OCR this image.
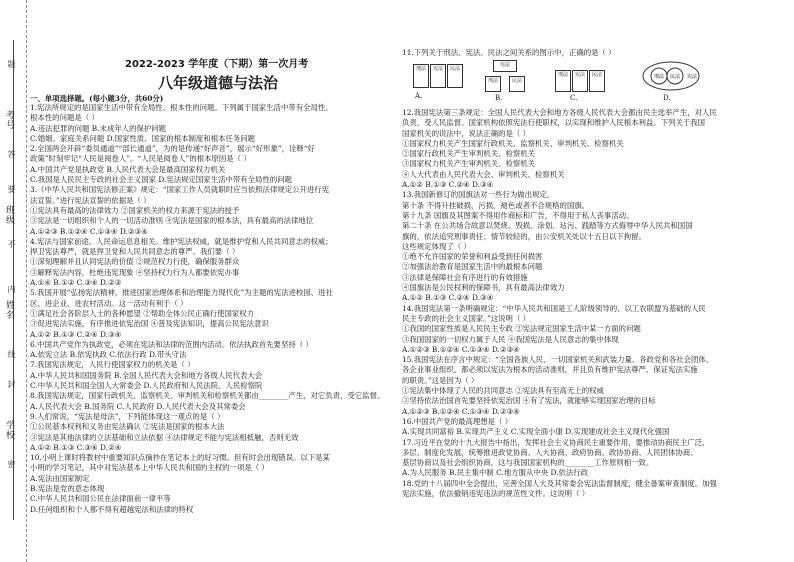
考号
班级
姓名
学校
题
答
要
不
内
线
封
密
2022-2023 学年度（下期）第一次月考
八年级道德与法治
一、单项选择题。(每小题3分，共60分)
1.宪法所规定的是国家生活中带有全局性、根本性的问题。下列属于国家生活中带有全局性、
根本性的问题是（ ）
A.违法犯罪的问题 B.未成年人的保护问题
C.婚姻、家庭关系问题 D.国家性质、国家的根本制度和根本任务问题
2.全国两会开辟“委员通道”“部长通道”，为的是传递“好声音”，展示“好形象”，诠释“好
政策”时刻牢记“人民是阅卷人”。“人民是阅卷人”的根本原因是（ ）
A.中国共产党是执政党 B.人民代表大会是最高国家权力机关
C.我国是人民民主专政的社会主义国家 D.宪法规定国家生活中带有全局性的问题
3.《中华人民共和国宪法修正案》规定：“国家工作人员就职时应当依照法律规定公开进行宪
法宣誓。”进行宪法宣誓的依据是（ ）
①宪法具有最高的法律效力 ②国家机关的权力来源于宪法的授予
③宪法是一切组织和个人的一切活动准则 ④宪法是国家的根本法，具有最高的法律地位
A.①②③ B.①②④ C.①③④ D.②③④
4.宪法与国家前途、人民命运息息相关。维护宪法权威，就是维护党和人民共同意志的权威；
捍卫宪法尊严，就是捍卫党和人民共同意志的尊严。我们要（ ）
①深刻理解并且认同宪法的价值 ②规范权力行使，确保服务群众
③解释宪法内容，杜绝违宪现象 ④坚持权力行为人都要依宪办事
A.①④ B.①② C.③④ D.②③
5.我国开展“弘扬宪法精神，推进国家治理体系和治理能力现代化”为主题的宪法进校园、进社
区、进企业、进农村活动。这一活动有利于（ ）
①满足社会各阶层人士的各种愿望 ②帮助全体公民正确行使国家权力
③促进宪法实施，有序推进依宪治国 ④普及宪法知识，提高公民宪法意识
A.①② B.①③ C.②④ D.③④
6.中国共产党作为执政党，必须在宪法和法律的范围内活动。依法执政首先要坚持（ ）
A.依宪立法 B.依宪执政 C.依法行政 D.带头守法
7.我国宪法规定，人民行使国家权力的机关是（ ）
A.中华人民共和国国务院 B.全国人民代表大会和地方各级人民代表大会
C.中华人民共和国全国人大常委会 D.人民政府和人民法院、人民检察院
8.我国宪法规定，国家行政机关、监察机关、审判机关和检察机关都由________产生，对它负责，受它监督。
A.人民代表大会 B.国务院 C.人民政府 D.人民代表大会及其常委会
9.人们常说，“宪法是母法”，下列能体现这一观点的是（ ）
①公民基本权利和义务由宪法确认 ②宪法是国家的根本大法
③宪法是其他法律的立法基础和立法依据 ④法律规定不能与宪法相抵触，否则无效
A.①② B.①③ C.③④ D.②④
10.小明上课时将教材中重要知识点摘抄在笔记本上的好习惯。但有时会出现错误。以下是某
小明的学习笔记，其中对宪法基本上中华人民共和国的主权的一项是（ ）
A.宪法由国家制定
B.宪法是党的意志体现
C.中华人民共和国公民在法律面前一律平等
D.任何组织和个人都不得有超越宪法和法律的特权
11.下列关于刑法、宪法、民法之间关系的图示中，正确的是（ ）
刑法	宪法	民法
A.
宪法
刑法	民法
B.
刑法	宪法	民法
C.
刑法 民法 宪法
D.
12.我国宪法第三条规定：全国人民代表大会和地方各级人民代表大会都由民主选举产生，对人民
负责，受人民监督。国家机构依照宪法行使职权，以实现和维护人民根本利益。下列关于我国
国家机关的说法中，说法正确的是（ ）
①国家权力机关产生国家行政机关、监察机关、审判机关、检察机关
②国家行政机关产生审判机关、检察机关
③国家权力机关产生审判机关、检察机关
④人大代表由人民代表大会、审判机关、检察机关
A.①② B.①③ C.②④ D.③④
13.我国新修订的国旗法对一些行为做出规定。
第十条 不得升挂破损、污损、褪色或者不合规格的国旗。
第十九条 国旗及其图案不得用作商标和广告，不得用于私人丧事活动。
第二十条 在公共场合故意以焚烧、毁损、涂划、玷污、践踏等方式侮辱中华人民共和国国
旗的，依法追究刑事责任；情节较轻的，由公安机关处以十五日以下拘留。
这些规定体现了（ ）
①绝不允许国家的荣誉和利益受到任何损害
②加强法治教育是国家生活中的最根本问题
③法律是保障社会有序进行的有效措施
④国旗法是公民权利的保障书，具有最高法律效力
A.①② B.①③ C.②④ D.③④
14.我国宪法第一条明确规定：“中华人民共和国是工人阶级领导的、以工农联盟为基础的人民
民主专政的社会主义国家。”这说明（ ）
①我国的国家性质是人民民主专政 ②宪法规定国家生活中某一方面的问题
③我国国家的一切权力属于人民 ④我国宪法是人民意志的集中体现
A.①②③ B.①②④ C.①③④ D.②③④
15.我国宪法在序言中规定：“全国各族人民、一切国家机关和武装力量、各政党和各社会团体、
各企业事业组织，都必须以宪法为根本的活动准则，并且负有维护宪法尊严、保证宪法实施
的职责。”这是因为（ ）
①宪法集中体现了人民的共同意志 ②宪法具有至高无上的权威
③坚持依法治国首先要坚持依宪治国 ④有了宪法，就能够实现国家治理的目标
A.①②③ B.①②④ C.①③④ D.②③④
16.中国共产党的最高理想是（ ）
A.实现共同富裕 B.实现共产主义 C.实现全面小康 D.实现建成社会主义现代化强国
17.习近平在党的十九大报告中指出，发挥社会主义协商民主重要作用，要推动协商民主广泛、
多层、制度化发展，统筹推进政党协商、人大协商、政府协商、政协协商、人民团体协商、
基层协商以及社会组织协商。这与我国国家机构的________工作原则相一致。
A.为人民服务 B.民主集中制 C.地方服从中央 D.依法行政
18.党的十八届四中全会提出，完善全国人大及其常委会宪法监督制度，健全备案审查制度。加强
宪法实施，依法撤销违宪违法的规范性文件。这说明（ ）
